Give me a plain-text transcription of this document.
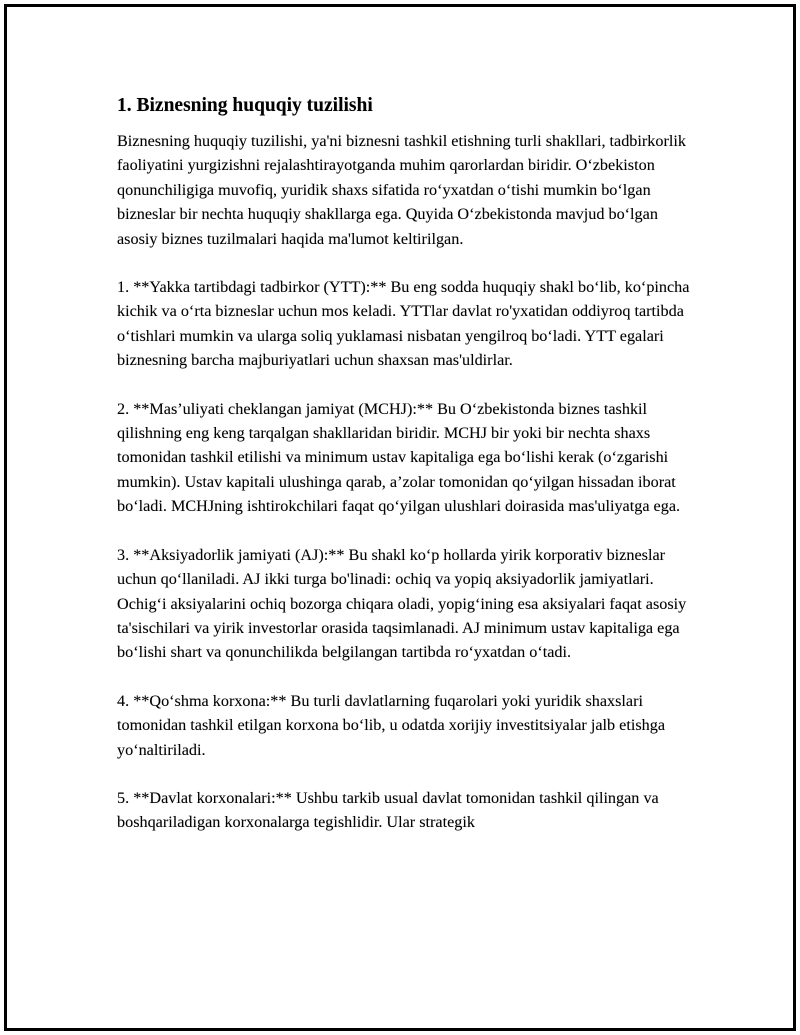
1. Biznesning huquqiy tuzilishi

Biznesning huquqiy tuzilishi, ya'ni biznesni tashkil etishning turli shakllari, tadbirkorlik faoliyatini yurgizishni rejalashtirayotganda muhim qarorlardan biridir. O‘zbekiston qonunchiligiga muvofiq, yuridik shaxs sifatida ro‘yxatdan o‘tishi mumkin bo‘lgan bizneslar bir nechta huquqiy shakllarga ega. Quyida O‘zbekistonda mavjud bo‘lgan asosiy biznes tuzilmalari haqida ma'lumot keltirilgan.

1. **Yakka tartibdagi tadbirkor (YTT):** Bu eng sodda huquqiy shakl bo‘lib, ko‘pincha kichik va o‘rta bizneslar uchun mos keladi. YTTlar davlat ro'yxatidan oddiyroq tartibda o‘tishlari mumkin va ularga soliq yuklamasi nisbatan yengilroq bo‘ladi. YTT egalari biznesning barcha majburiyatlari uchun shaxsan mas'uldirlar.

2. **Mas’uliyati cheklangan jamiyat (MCHJ):** Bu O‘zbekistonda biznes tashkil qilishning eng keng tarqalgan shakllaridan biridir. MCHJ bir yoki bir nechta shaxs tomonidan tashkil etilishi va minimum ustav kapitaliga ega bo‘lishi kerak (o‘zgarishi mumkin). Ustav kapitali ulushinga qarab, a’zolar tomonidan qo‘yilgan hissadan iborat bo‘ladi. MCHJning ishtirokchilari faqat qo‘yilgan ulushlari doirasida mas'uliyatga ega.

3. **Aksiyadorlik jamiyati (AJ):** Bu shakl ko‘p hollarda yirik korporativ bizneslar uchun qo‘llaniladi. AJ ikki turga bo'linadi: ochiq va yopiq aksiyadorlik jamiyatlari. Ochig‘i aksiyalarini ochiq bozorga chiqara oladi, yopig‘ining esa aksiyalari faqat asosiy ta'sischilari va yirik investorlar orasida taqsimlanadi. AJ minimum ustav kapitaliga ega bo‘lishi shart va qonunchilikda belgilangan tartibda ro‘yxatdan o‘tadi.

4. **Qo‘shma korxona:** Bu turli davlatlarning fuqarolari yoki yuridik shaxslari tomonidan tashkil etilgan korxona bo‘lib, u odatda xorijiy investitsiyalar jalb etishga yo‘naltiriladi.

5. **Davlat korxonalari:** Ushbu tarkib usual davlat tomonidan tashkil qilingan va boshqariladigan korxonalarga tegishlidir. Ular strategik
